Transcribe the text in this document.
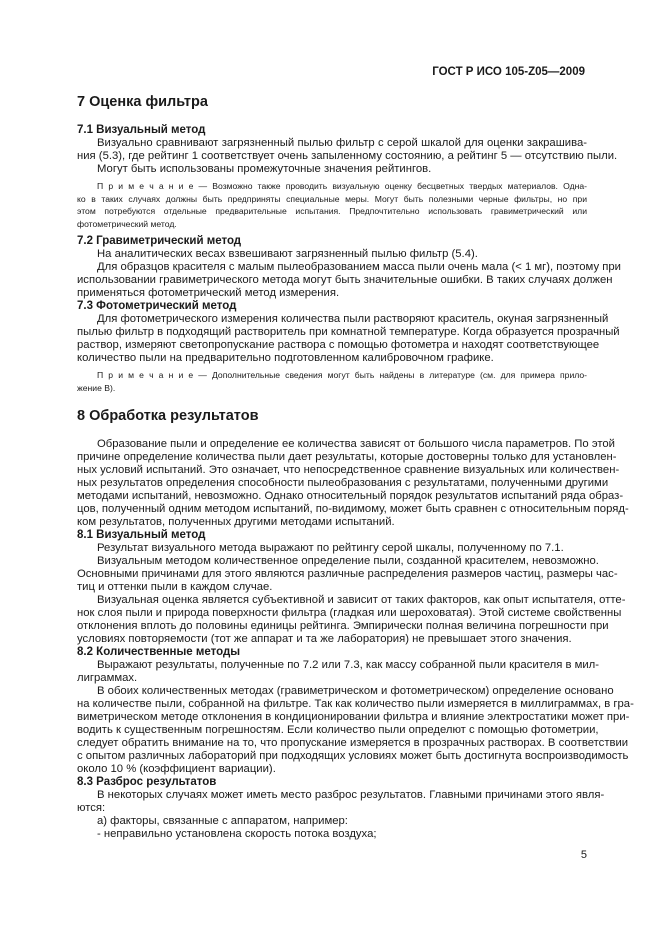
ГОСТ Р ИСО 105-Z05—2009
7 Оценка фильтра
7.1 Визуальный метод
Визуально сравнивают загрязненный пылью фильтр с серой шкалой для оценки закрашива-
ния (5.3), где рейтинг 1 соответствует очень запыленному состоянию, а рейтинг 5 — отсутствию пыли.
Могут быть использованы промежуточные значения рейтингов.
П р и м е ч а н и е — Возможно также проводить визуальную оценку бесцветных твердых материалов. Одна-
ко в таких случаях должны быть предприняты специальные меры. Могут быть полезными черные фильтры, но при
этом потребуются отдельные предварительные испытания. Предпочтительно использовать гравиметрический или
фотометрический метод.
7.2 Гравиметрический метод
На аналитических весах взвешивают загрязненный пылью фильтр (5.4).
Для образцов красителя с малым пылеобразованием масса пыли очень мала (< 1 мг), поэтому при
использовании гравиметрического метода могут быть значительные ошибки. В таких случаях должен
применяться фотометрический метод измерения.
7.3 Фотометрический метод
Для фотометрического измерения количества пыли растворяют краситель, окуная загрязненный
пылью фильтр в подходящий растворитель при комнатной температуре. Когда образуется прозрачный
раствор, измеряют светопропускание раствора с помощью фотометра и находят соответствующее
количество пыли на предварительно подготовленном калибровочном графике.
П р и м е ч а н и е — Дополнительные сведения могут быть найдены в литературе (см. для примера прило-
жение В).
8 Обработка результатов
Образование пыли и определение ее количества зависят от большого числа параметров. По этой
причине определение количества пыли дает результаты, которые достоверны только для установлен-
ных условий испытаний. Это означает, что непосредственное сравнение визуальных или количествен-
ных результатов определения способности пылеобразования с результатами, полученными другими
методами испытаний, невозможно. Однако относительный порядок результатов испытаний ряда образ-
цов, полученный одним методом испытаний, по-видимому, может быть сравнен с относительным поряд-
ком результатов, полученных другими методами испытаний.
8.1 Визуальный метод
Результат визуального метода выражают по рейтингу серой шкалы, полученному по 7.1.
Визуальным методом количественное определение пыли, созданной красителем, невозможно.
Основными причинами для этого являются различные распределения размеров частиц, размеры час-
тиц и оттенки пыли в каждом случае.
Визуальная оценка является субъективной и зависит от таких факторов, как опыт испытателя, отте-
нок слоя пыли и природа поверхности фильтра (гладкая или шероховатая). Этой системе свойственны
отклонения вплоть до половины единицы рейтинга. Эмпирически полная величина погрешности при
условиях повторяемости (тот же аппарат и та же лаборатория) не превышает этого значения.
8.2 Количественные методы
Выражают результаты, полученные по 7.2 или 7.3, как массу собранной пыли красителя в мил-
лиграммах.
В обоих количественных методах (гравиметрическом и фотометрическом) определение основано
на количестве пыли, собранной на фильтре. Так как количество пыли измеряется в миллиграммах, в гра-
виметрическом методе отклонения в кондиционировании фильтра и влияние электростатики может при-
водить к существенным погрешностям. Если количество пыли определют с помощью фотометрии,
следует обратить внимание на то, что пропускание измеряется в прозрачных растворах. В соответствии
с опытом различных лабораторий при подходящих условиях может быть достигнута воспроизводимость
около 10 % (коэффициент вариации).
8.3 Разброс результатов
В некоторых случаях может иметь место разброс результатов. Главными причинами этого явля-
ются:
а) факторы, связанные с аппаратом, например:
- неправильно установлена скорость потока воздуха;
5
